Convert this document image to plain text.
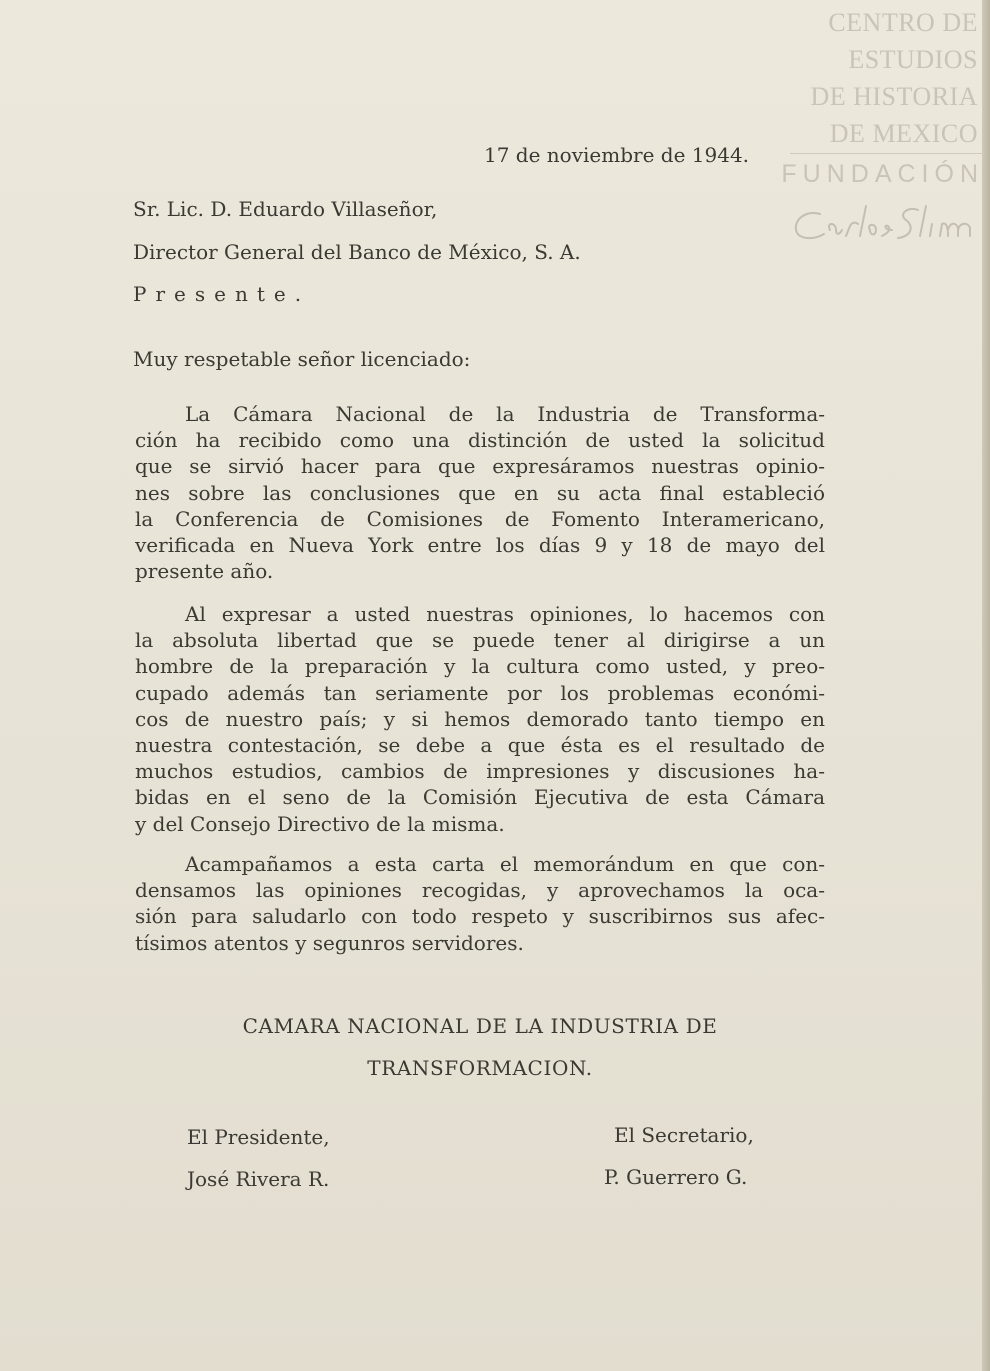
CENTRO DE
ESTUDIOS
DE HISTORIA
DE MEXICO
FUNDACIÓN
17 de noviembre de 1944.
Sr. Lic. D. Eduardo Villaseñor,
Director General del Banco de México, S. A.
Presente.
Muy respetable señor licenciado:
La Cámara Nacional de la Industria de Transforma-
ción ha recibido como una distinción de usted la solicitud
que se sirvió hacer para que expresáramos nuestras opinio-
nes sobre las conclusiones que en su acta final estableció
la Conferencia de Comisiones de Fomento Interamericano,
verificada en Nueva York entre los días 9 y 18 de mayo del
presente año.
Al expresar a usted nuestras opiniones, lo hacemos con
la absoluta libertad que se puede tener al dirigirse a un
hombre de la preparación y la cultura como usted, y preo-
cupado además tan seriamente por los problemas económi-
cos de nuestro país; y si hemos demorado tanto tiempo en
nuestra contestación, se debe a que ésta es el resultado de
muchos estudios, cambios de impresiones y discusiones ha-
bidas en el seno de la Comisión Ejecutiva de esta Cámara
y del Consejo Directivo de la misma.
Acampañamos a esta carta el memorándum en que con-
densamos las opiniones recogidas, y aprovechamos la oca-
sión para saludarlo con todo respeto y suscribirnos sus afec-
tísimos atentos y segunros servidores.
CAMARA NACIONAL DE LA INDUSTRIA DE
TRANSFORMACION.
El Presidente,
José Rivera R.
El Secretario,
P. Guerrero G.
